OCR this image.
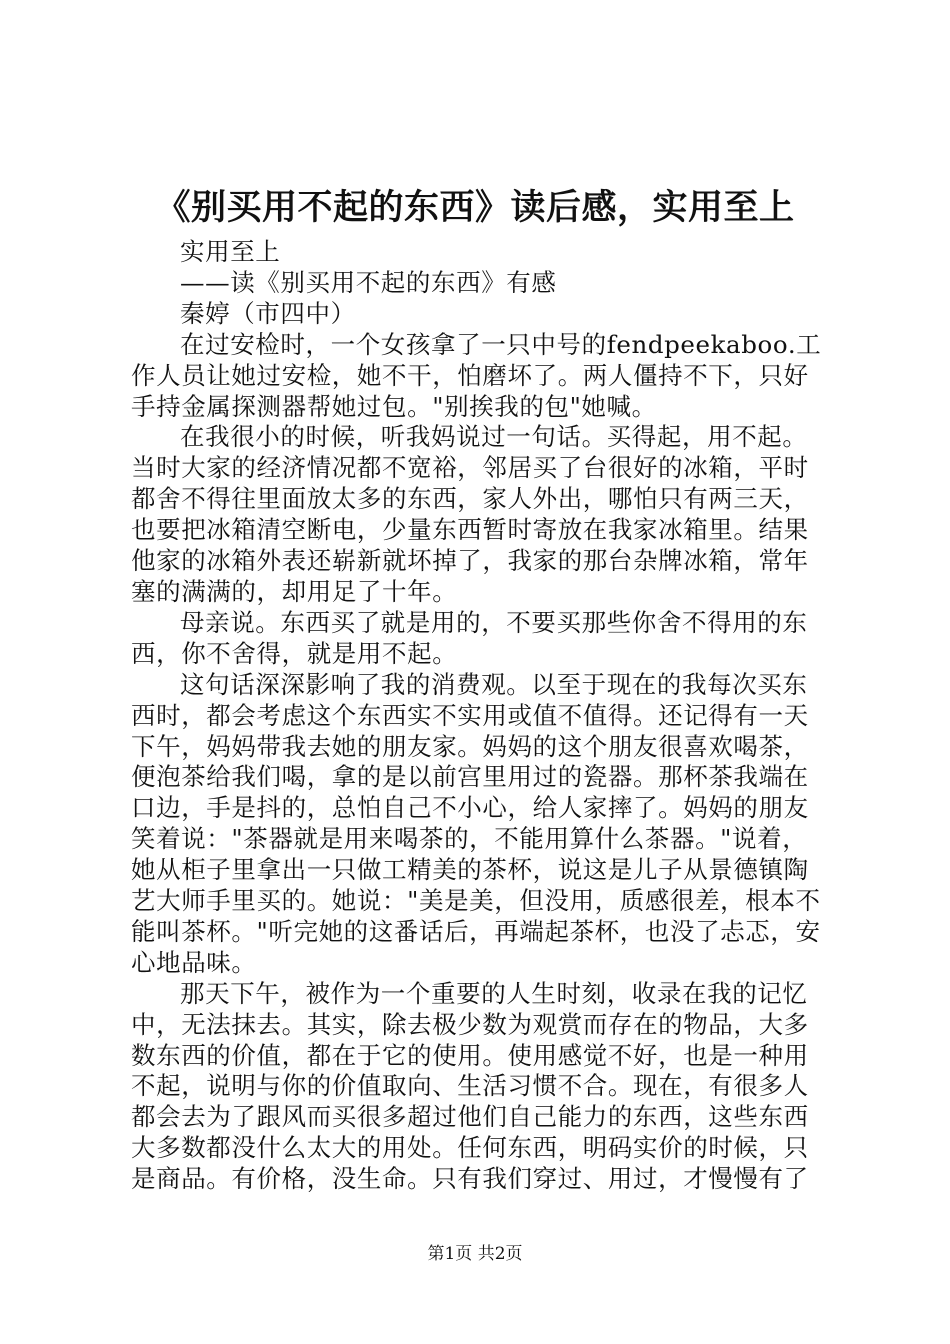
《别买用不起的东西》读后感，实用至上

实用至上

——读《别买用不起的东西》有感

秦婷（市四中）

在过安检时，一个女孩拿了一只中号的fendpeekaboo.工作人员让她过安检，她不干，怕磨坏了。两人僵持不下，只好手持金属探测器帮她过包。"别挨我的包"她喊。

在我很小的时候，听我妈说过一句话。买得起，用不起。当时大家的经济情况都不宽裕，邻居买了台很好的冰箱，平时都舍不得往里面放太多的东西，家人外出，哪怕只有两三天，也要把冰箱清空断电，少量东西暂时寄放在我家冰箱里。结果他家的冰箱外表还崭新就坏掉了，我家的那台杂牌冰箱，常年塞的满满的，却用足了十年。

母亲说。东西买了就是用的，不要买那些你舍不得用的东西，你不舍得，就是用不起。

这句话深深影响了我的消费观。以至于现在的我每次买东西时，都会考虑这个东西实不实用或值不值得。还记得有一天下午，妈妈带我去她的朋友家。妈妈的这个朋友很喜欢喝茶，便泡茶给我们喝，拿的是以前宫里用过的瓷器。那杯茶我端在口边，手是抖的，总怕自己不小心，给人家摔了。妈妈的朋友笑着说："茶器就是用来喝茶的，不能用算什么茶器。"说着，她从柜子里拿出一只做工精美的茶杯，说这是儿子从景德镇陶艺大师手里买的。她说："美是美，但没用，质感很差，根本不能叫茶杯。"听完她的这番话后，再端起茶杯，也没了忐忑，安心地品味。

那天下午，被作为一个重要的人生时刻，收录在我的记忆中，无法抹去。其实，除去极少数为观赏而存在的物品，大多数东西的价值，都在于它的使用。使用感觉不好，也是一种用不起，说明与你的价值取向、生活习惯不合。现在，有很多人都会去为了跟风而买很多超过他们自己能力的东西，这些东西大多数都没什么太大的用处。任何东西，明码实价的时候，只是商品。有价格，没生命。只有我们穿过、用过，才慢慢有了

第1页 共2页
